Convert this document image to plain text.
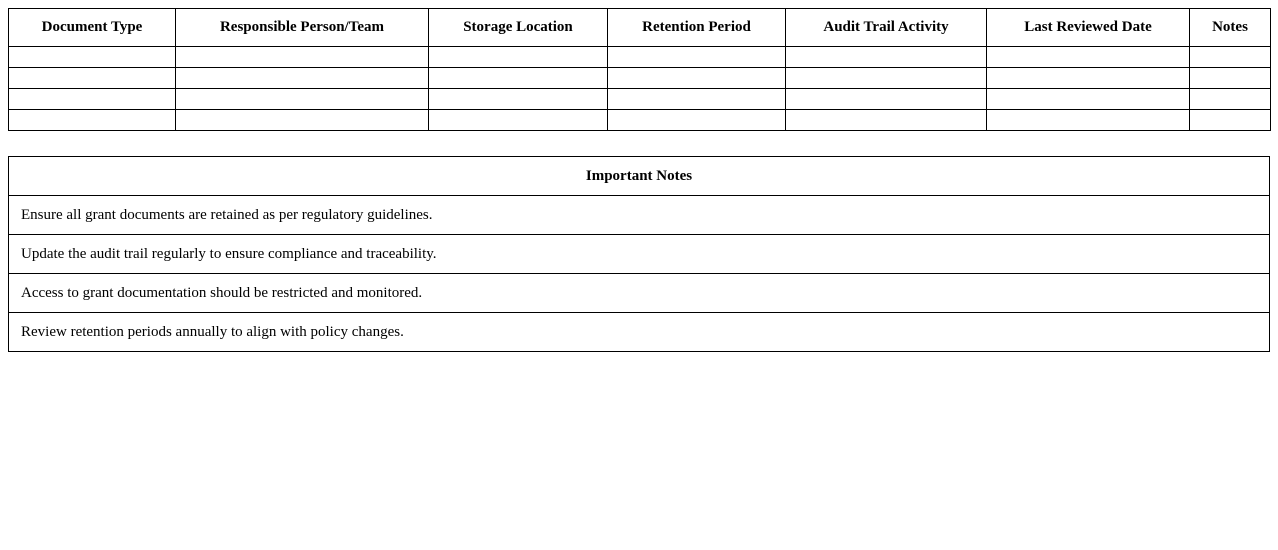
Document Type	Responsible Person/Team	Storage Location	Retention Period	Audit Trail Activity	Last Reviewed Date	Notes

Important Notes
Ensure all grant documents are retained as per regulatory guidelines.
Update the audit trail regularly to ensure compliance and traceability.
Access to grant documentation should be restricted and monitored.
Review retention periods annually to align with policy changes.
